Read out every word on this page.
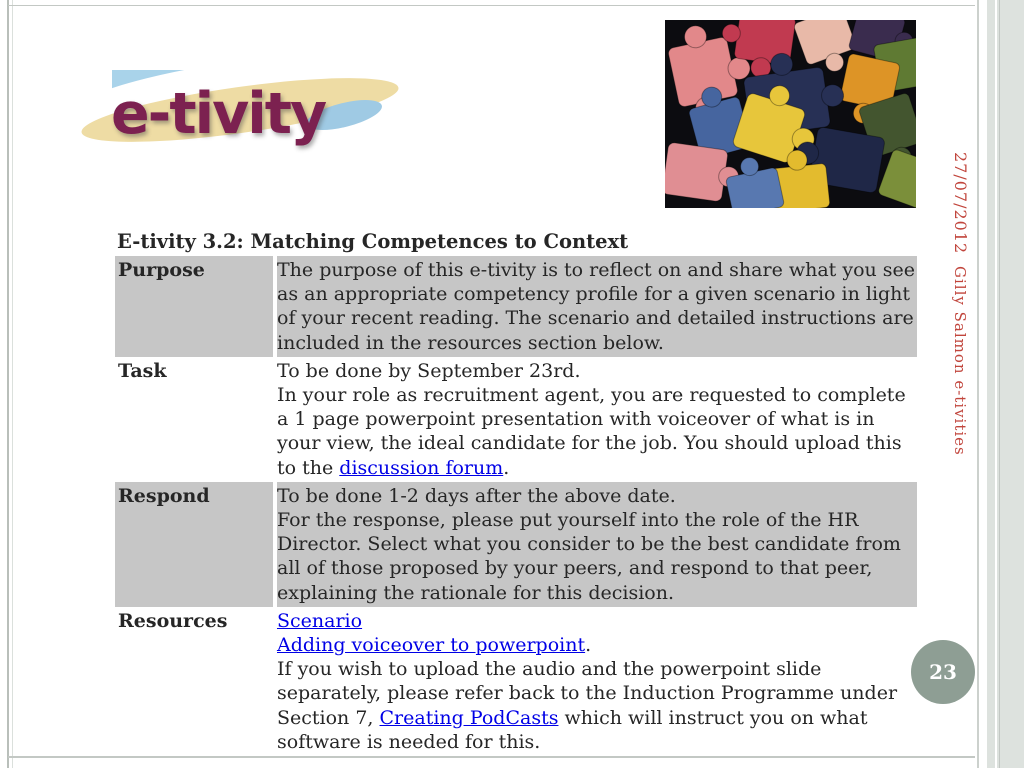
e-tivity
27/07/2012
Gilly Salmon e-tivities
E-tivity 3.2: Matching Competences to Context
Purpose	The purpose of this e-tivity is to reflect on and share what you see as an appropriate competency profile for a given scenario in light of your recent reading. The scenario and detailed instructions are included in the resources section below.
Task	To be done by September 23rd.
In your role as recruitment agent, you are requested to complete a 1 page powerpoint presentation with voiceover of what is in your view, the ideal candidate for the job. You should upload this to the discussion forum.
Respond	To be done 1-2 days after the above date.
For the response, please put yourself into the role of the HR Director. Select what you consider to be the best candidate from all of those proposed by your peers, and respond to that peer, explaining the rationale for this decision.
Resources	Scenario
Adding voiceover to powerpoint.
If you wish to upload the audio and the powerpoint slide separately, please refer back to the Induction Programme under Section 7, Creating PodCasts which will instruct you on what software is needed for this.
23
